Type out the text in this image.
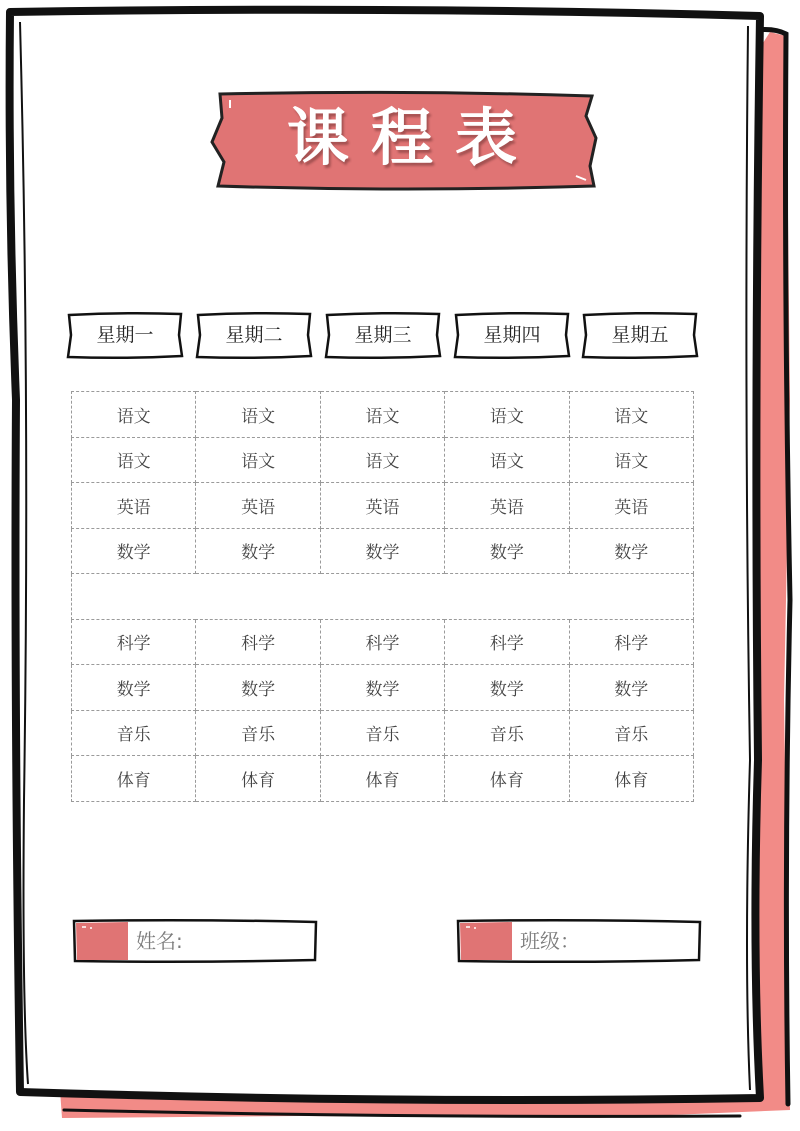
课程表
星期一	星期二	星期三	星期四	星期五
语文	语文	语文	语文	语文
语文	语文	语文	语文	语文
英语	英语	英语	英语	英语
数学	数学	数学	数学	数学

科学	科学	科学	科学	科学
数学	数学	数学	数学	数学
音乐	音乐	音乐	音乐	音乐
体育	体育	体育	体育	体育
姓名:	班级：
